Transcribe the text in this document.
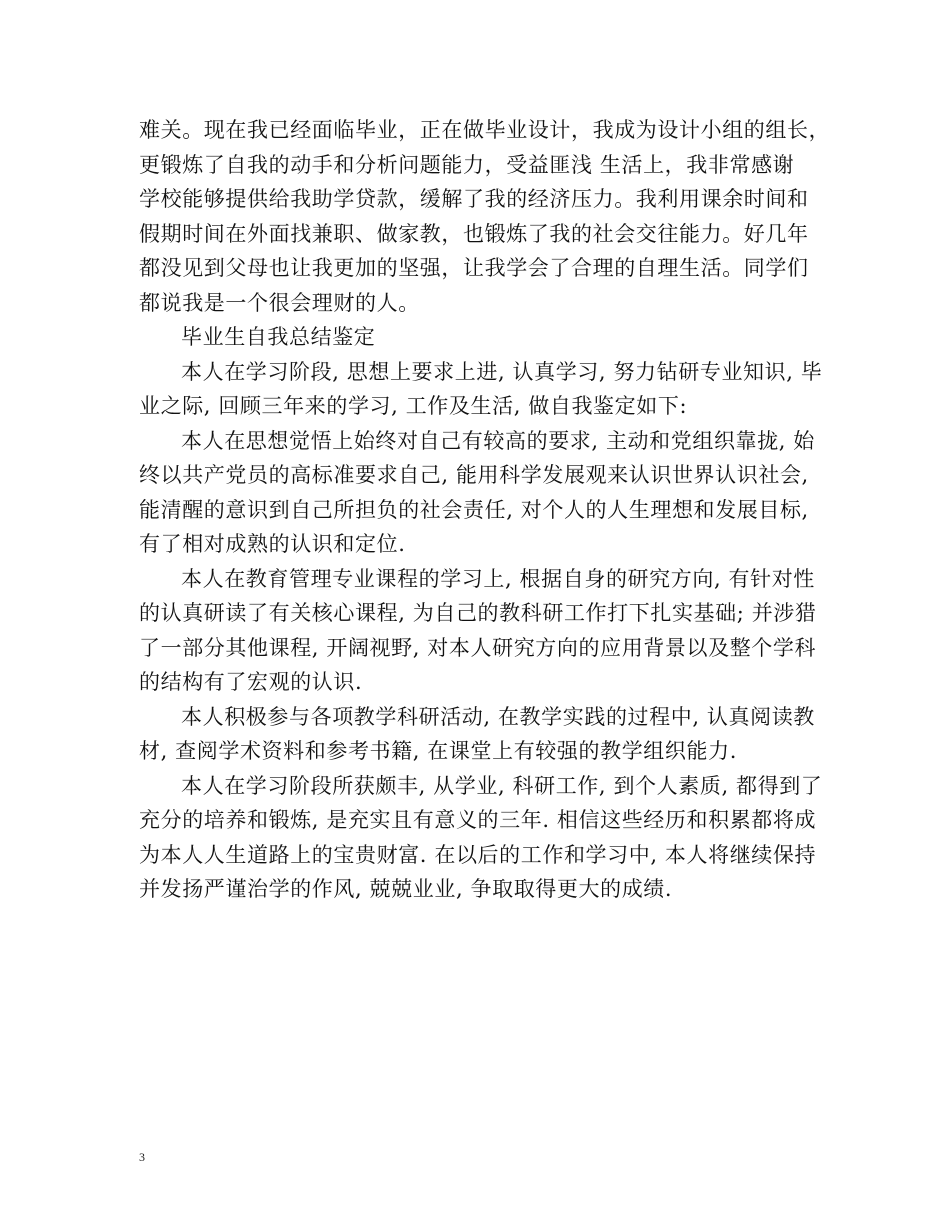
难关。现在我已经面临毕业，正在做毕业设计，我成为设计小组的组长，
更锻炼了自我的动手和分析问题能力，受益匪浅 生活上，我非常感谢
学校能够提供给我助学贷款，缓解了我的经济压力。我利用课余时间和
假期时间在外面找兼职、做家教，也锻炼了我的社会交往能力。好几年
都没见到父母也让我更加的坚强，让我学会了合理的自理生活。同学们
都说我是一个很会理财的人。
毕业生自我总结鉴定
本人在学习阶段, 思想上要求上进, 认真学习, 努力钻研专业知识, 毕
业之际, 回顾三年来的学习, 工作及生活, 做自我鉴定如下:
本人在思想觉悟上始终对自己有较高的要求, 主动和党组织靠拢, 始
终以共产党员的高标准要求自己, 能用科学发展观来认识世界认识社会,
能清醒的意识到自己所担负的社会责任, 对个人的人生理想和发展目标,
有了相对成熟的认识和定位.
本人在教育管理专业课程的学习上, 根据自身的研究方向, 有针对性
的认真研读了有关核心课程, 为自己的教科研工作打下扎实基础; 并涉猎
了一部分其他课程, 开阔视野, 对本人研究方向的应用背景以及整个学科
的结构有了宏观的认识.
本人积极参与各项教学科研活动, 在教学实践的过程中, 认真阅读教
材, 查阅学术资料和参考书籍, 在课堂上有较强的教学组织能力.
本人在学习阶段所获颇丰, 从学业, 科研工作, 到个人素质, 都得到了
充分的培养和锻炼, 是充实且有意义的三年. 相信这些经历和积累都将成
为本人人生道路上的宝贵财富. 在以后的工作和学习中, 本人将继续保持
并发扬严谨治学的作风, 兢兢业业, 争取取得更大的成绩.
3
